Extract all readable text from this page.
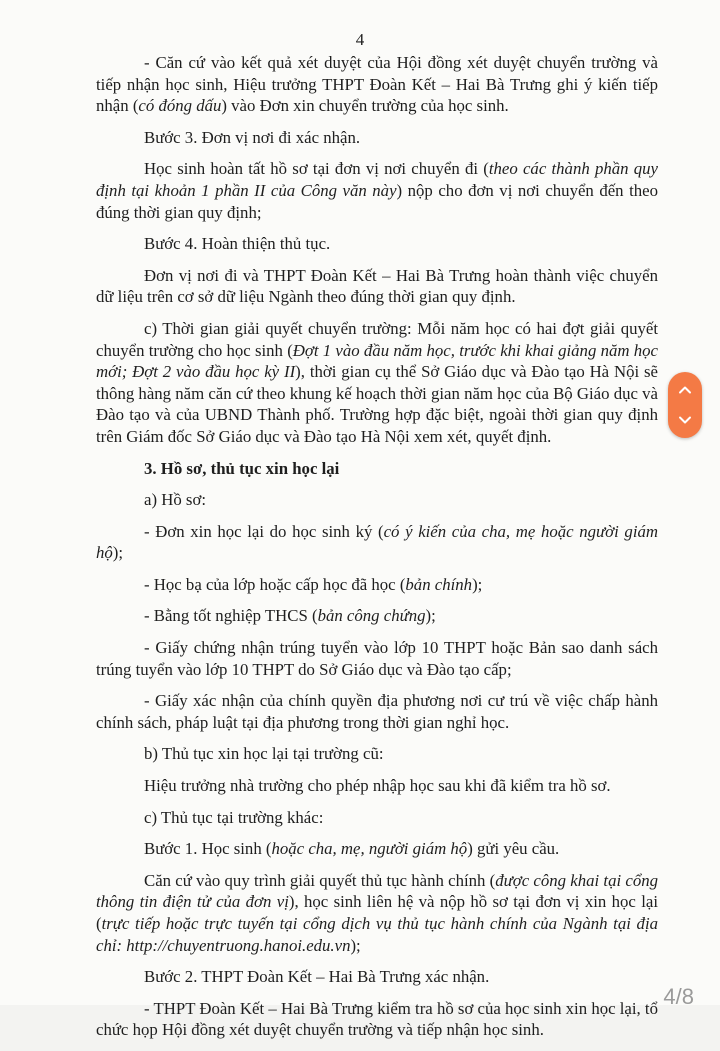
4

- Căn cứ vào kết quả xét duyệt của Hội đồng xét duyệt chuyển trường và tiếp nhận học sinh, Hiệu trưởng THPT Đoàn Kết – Hai Bà Trưng ghi ý kiến tiếp nhận (có đóng dấu) vào Đơn xin chuyển trường của học sinh.

Bước 3. Đơn vị nơi đi xác nhận.

Học sinh hoàn tất hồ sơ tại đơn vị nơi chuyển đi (theo các thành phần quy định tại khoản 1 phần II của Công văn này) nộp cho đơn vị nơi chuyển đến theo đúng thời gian quy định;

Bước 4. Hoàn thiện thủ tục.

Đơn vị nơi đi và THPT Đoàn Kết – Hai Bà Trưng hoàn thành việc chuyển dữ liệu trên cơ sở dữ liệu Ngành theo đúng thời gian quy định.

c) Thời gian giải quyết chuyển trường: Mỗi năm học có hai đợt giải quyết chuyển trường cho học sinh (Đợt 1 vào đầu năm học, trước khi khai giảng năm học mới; Đợt 2 vào đầu học kỳ II), thời gian cụ thể Sở Giáo dục và Đào tạo Hà Nội sẽ thông hàng năm căn cứ theo khung kế hoạch thời gian năm học của Bộ Giáo dục và Đào tạo và của UBND Thành phố. Trường hợp đặc biệt, ngoài thời gian quy định trên Giám đốc Sở Giáo dục và Đào tạo Hà Nội xem xét, quyết định.

3. Hồ sơ, thủ tục xin học lại

a) Hồ sơ:

- Đơn xin học lại do học sinh ký (có ý kiến của cha, mẹ hoặc người giám hộ);

- Học bạ của lớp hoặc cấp học đã học (bản chính);

- Bằng tốt nghiệp THCS (bản công chứng);

- Giấy chứng nhận trúng tuyển vào lớp 10 THPT hoặc Bản sao danh sách trúng tuyển vào lớp 10 THPT do Sở Giáo dục và Đào tạo cấp;

- Giấy xác nhận của chính quyền địa phương nơi cư trú về việc chấp hành chính sách, pháp luật tại địa phương trong thời gian nghỉ học.

b) Thủ tục xin học lại tại trường cũ:

Hiệu trưởng nhà trường cho phép nhập học sau khi đã kiểm tra hồ sơ.

c) Thủ tục tại trường khác:

Bước 1. Học sinh (hoặc cha, mẹ, người giám hộ) gửi yêu cầu.

Căn cứ vào quy trình giải quyết thủ tục hành chính (được công khai tại cổng thông tin điện tử của đơn vị), học sinh liên hệ và nộp hồ sơ tại đơn vị xin học lại (trực tiếp hoặc trực tuyến tại cổng dịch vụ thủ tục hành chính của Ngành tại địa chỉ: http://chuyentruong.hanoi.edu.vn);

Bước 2. THPT Đoàn Kết – Hai Bà Trưng xác nhận.

- THPT Đoàn Kết – Hai Bà Trưng kiểm tra hồ sơ của học sinh xin học lại, tổ chức họp Hội đồng xét duyệt chuyển trường và tiếp nhận học sinh.

4/8
